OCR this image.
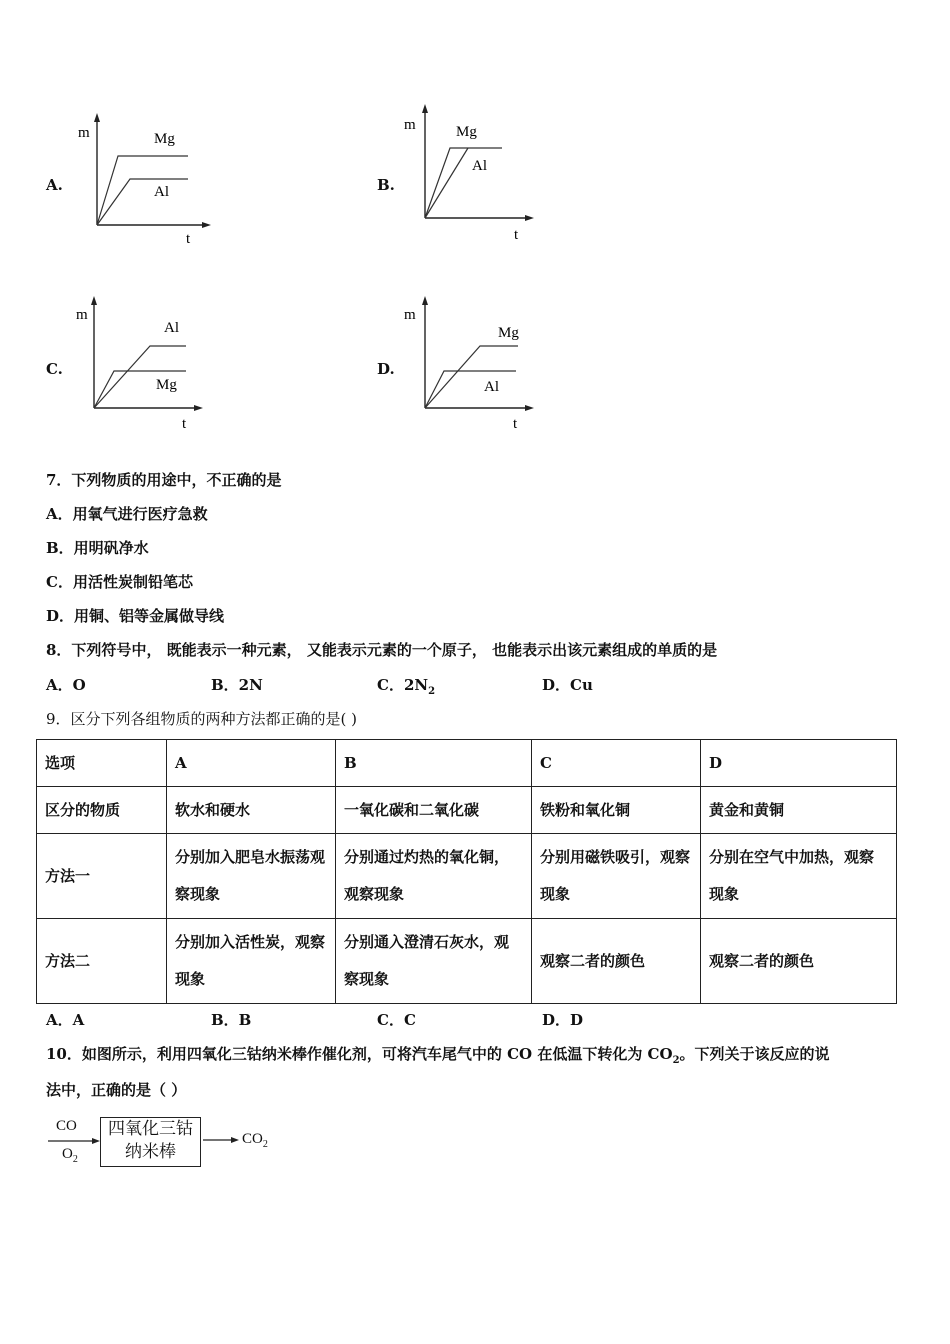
A.
m
t
Mg
Al	B.
m
t
Mg
Al
C.
m
t
Al
Mg
D.
m
t
Mg
Al
7．下列物质的用途中，不正确的是
A．用氧气进行医疗急救
B．用明矾净水
C．用活性炭制铅笔芯
D．用铜、铝等金属做导线
8．下列符号中， 既能表示一种元素， 又能表示元素的一个原子， 也能表示出该元素组成的单质的是
A．O	B．2N	C．$2N_2$	D．Cu
9．区分下列各组物质的两种方法都正确的是( )
选项	A	B	C	D
区分的物质	软水和硬水	一氧化碳和二氧化碳	铁粉和氧化铜	黄金和黄铜
方法一	分别加入肥皂水振荡观察现象	分别通过灼热的氧化铜，观察现象	分别用磁铁吸引，观察现象	分别在空气中加热，观察现象
方法二	分别加入活性炭，观察现象	分别通入澄清石灰水，观察现象	观察二者的颜色	观察二者的颜色
A．A	B．B	C．C	D．D
10．如图所示，利用四氧化三钴纳米棒作催化剂，可将汽车尾气中的 CO 在低温下转化为 $CO_2$。下列关于该反应的说
法中，正确的是（ ）
CO
$O_2$
四氧化三钴
纳米棒
$CO_2$
